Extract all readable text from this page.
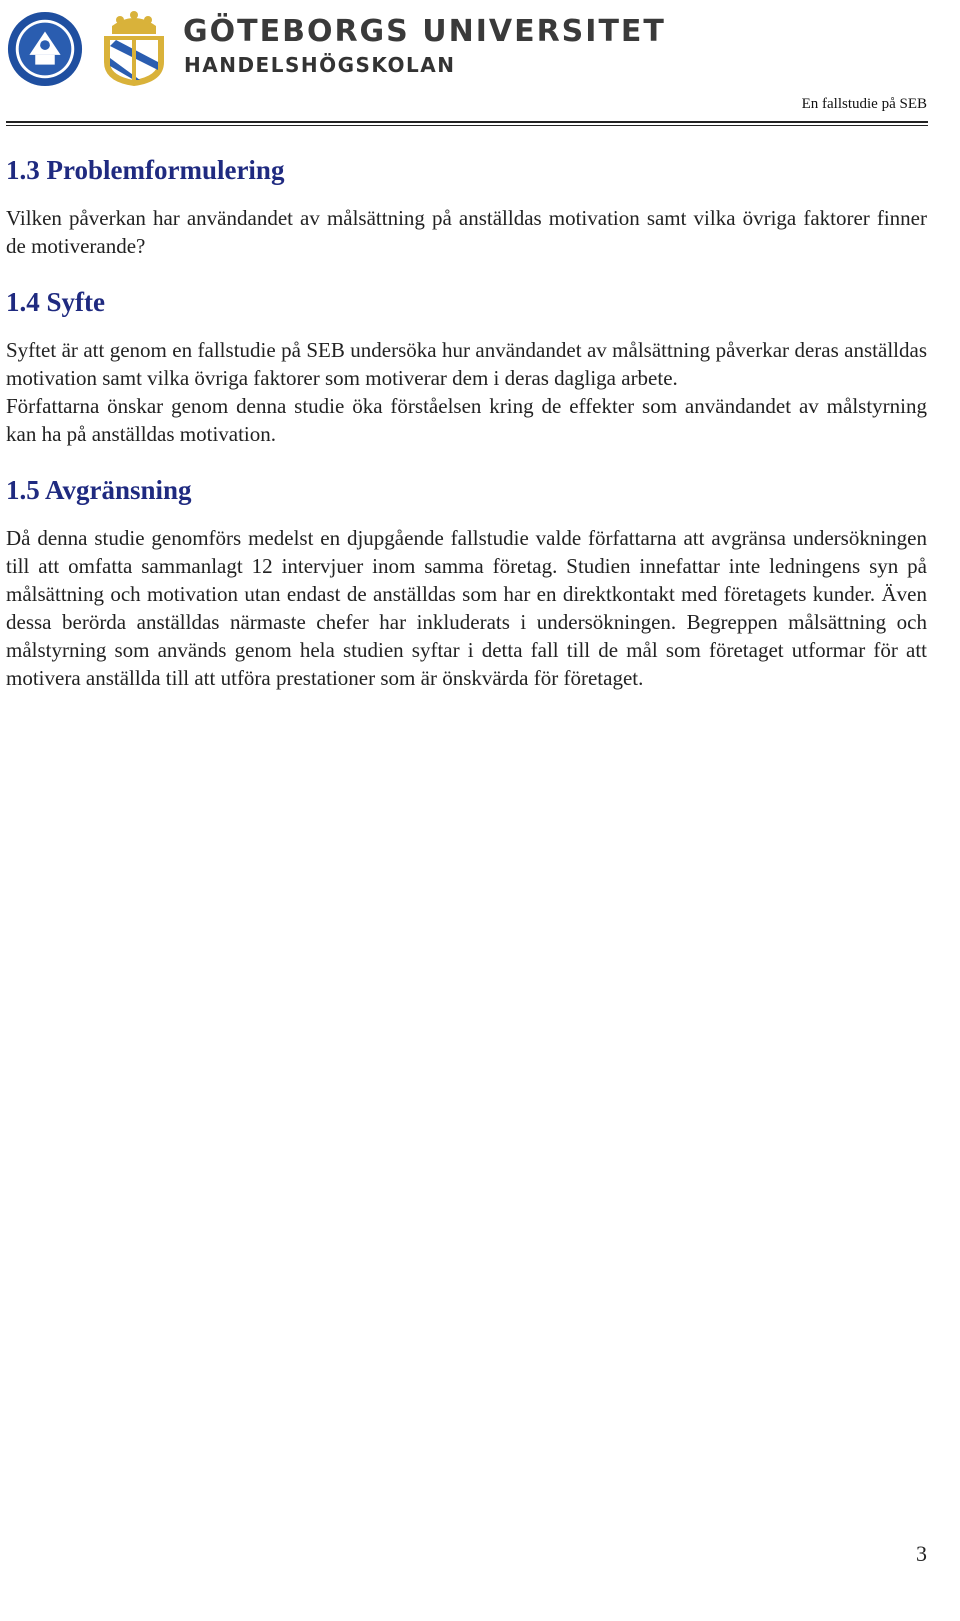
GÖTEBORGS UNIVERSITET
HANDELSHÖGSKOLAN
En fallstudie på SEB
1.3 Problemformulering

Vilken påverkan har användandet av målsättning på anställdas motivation samt vilka övriga faktorer finner de motiverande?

1.4 Syfte

Syftet är att genom en fallstudie på SEB undersöka hur användandet av målsättning påverkar deras anställdas motivation samt vilka övriga faktorer som motiverar dem i deras dagliga arbete.

Författarna önskar genom denna studie öka förståelsen kring de effekter som användandet av målstyrning kan ha på anställdas motivation.

1.5 Avgränsning

Då denna studie genomförs medelst en djupgående fallstudie valde författarna att avgränsa undersökningen till att omfatta sammanlagt 12 intervjuer inom samma företag. Studien innefattar inte ledningens syn på målsättning och motivation utan endast de anställdas som har en direktkontakt med företagets kunder. Även dessa berörda anställdas närmaste chefer har inkluderats i undersökningen. Begreppen målsättning och målstyrning som används genom hela studien syftar i detta fall till de mål som företaget utformar för att motivera anställda till att utföra prestationer som är önskvärda för företaget.

3
